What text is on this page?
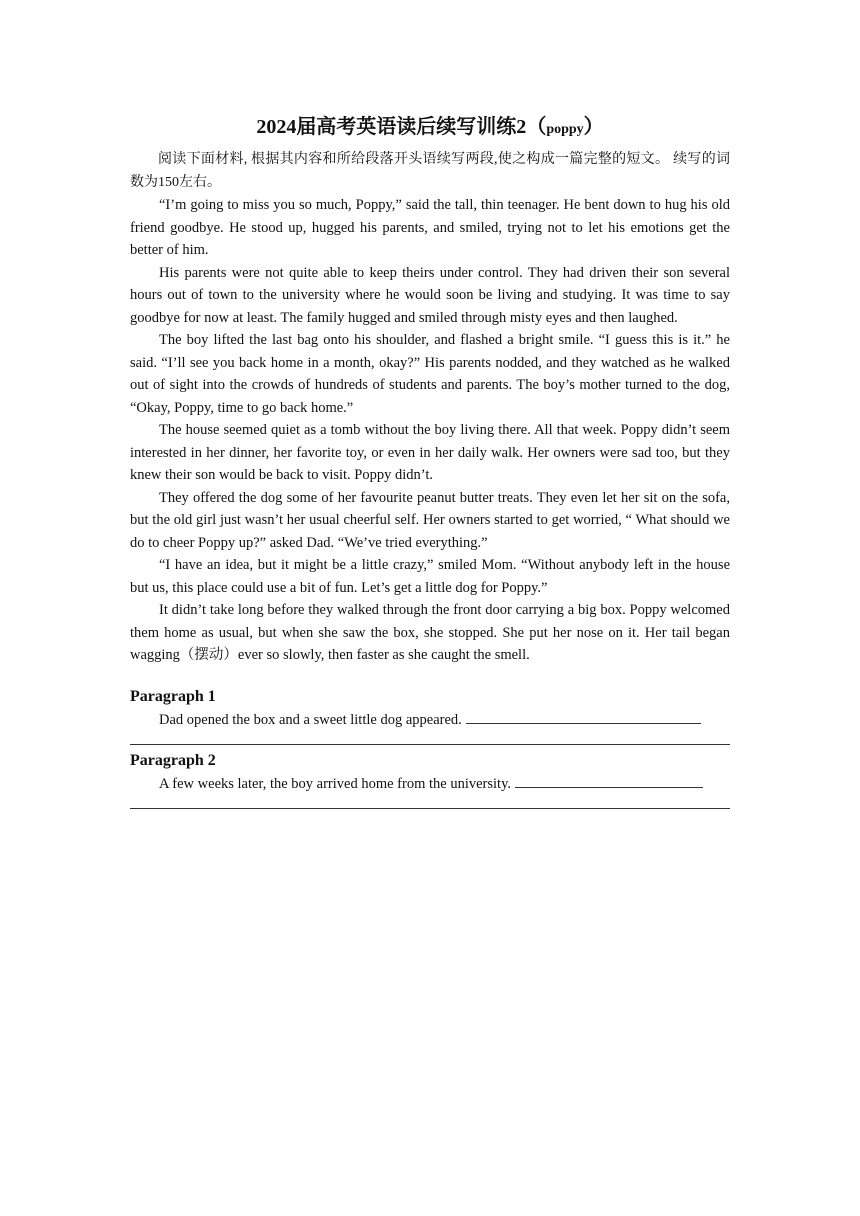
2024届高考英语读后续写训练2（poppy）

阅读下面材料, 根据其内容和所给段落开头语续写两段,使之构成一篇完整的短文。 续写的词数为150左右。

“I’m going to miss you so much, Poppy,” said the tall, thin teenager. He bent down to hug his old friend goodbye. He stood up, hugged his parents, and smiled, trying not to let his emotions get the better of him.

His parents were not quite able to keep theirs under control. They had driven their son several hours out of town to the university where he would soon be living and studying. It was time to say goodbye for now at least. The family hugged and smiled through misty eyes and then laughed.

The boy lifted the last bag onto his shoulder, and flashed a bright smile. “I guess this is it.” he said. “I’ll see you back home in a month, okay?” His parents nodded, and they watched as he walked out of sight into the crowds of hundreds of students and parents. The boy’s mother turned to the dog, “Okay, Poppy, time to go back home.”

The house seemed quiet as a tomb without the boy living there. All that week. Poppy didn’t seem interested in her dinner, her favorite toy, or even in her daily walk. Her owners were sad too, but they knew their son would be back to visit. Poppy didn’t.

They offered the dog some of her favourite peanut butter treats. They even let her sit on the sofa, but the old girl just wasn’t her usual cheerful self. Her owners started to get worried, “ What should we do to cheer Poppy up?” asked Dad. “We’ve tried everything.”

“I have an idea, but it might be a little crazy,” smiled Mom. “Without anybody left in the house but us, this place could use a bit of fun. Let’s get a little dog for Poppy.”

It didn’t take long before they walked through the front door carrying a big box. Poppy welcomed them home as usual, but when she saw the box, she stopped. She put her nose on it. Her tail began wagging（摆动）ever so slowly, then faster as she caught the smell.

Paragraph 1

Dad opened the box and a sweet little dog appeared.

Paragraph 2

A few weeks later, the boy arrived home from the university.
